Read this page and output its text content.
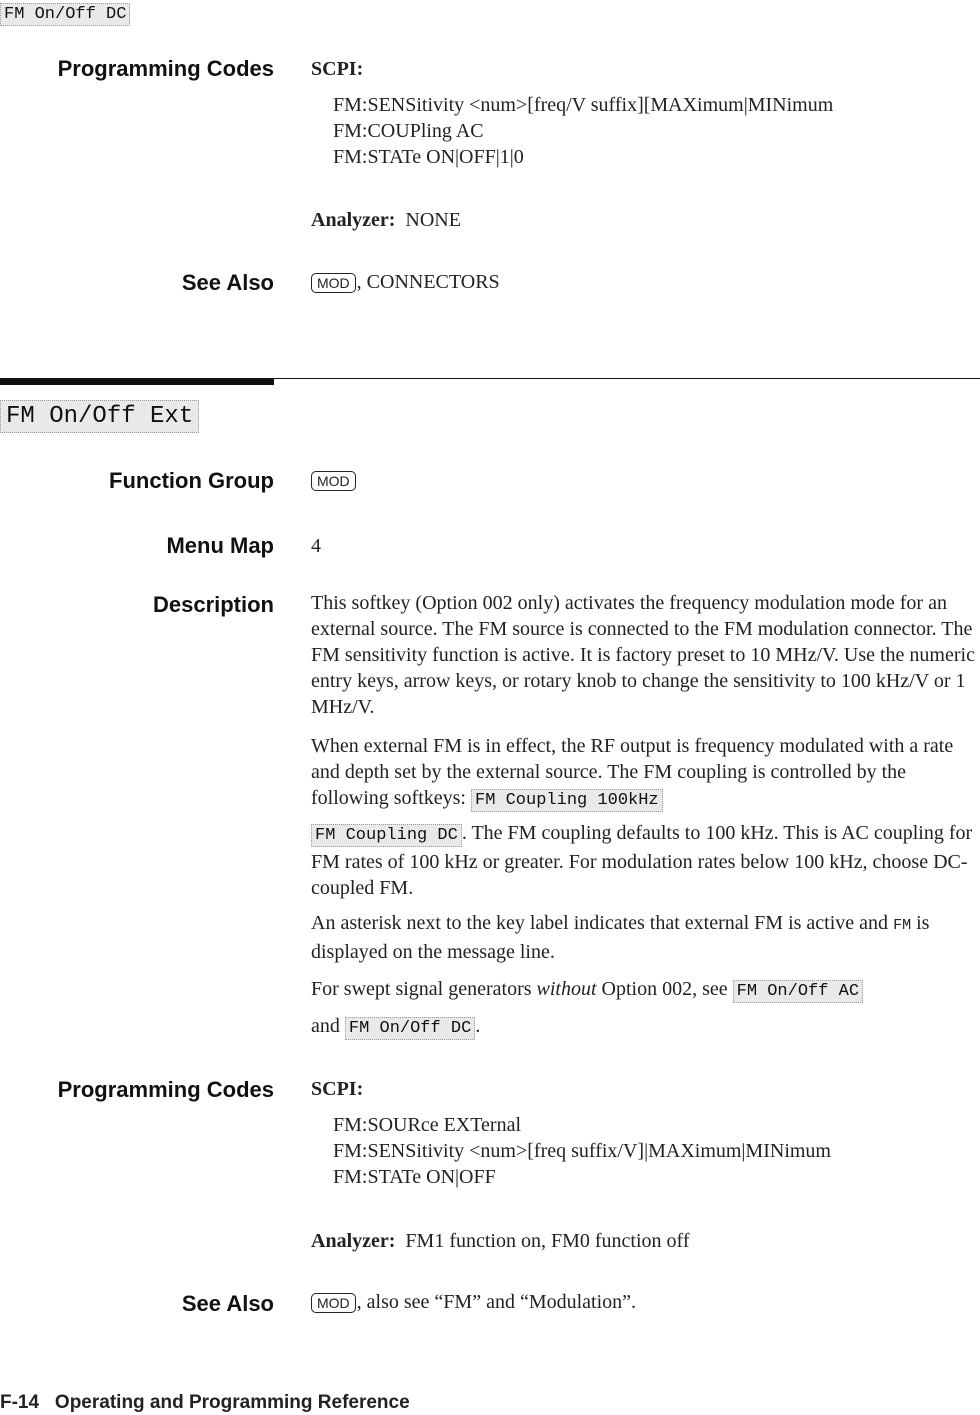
FM On/Off DC
Programming Codes SCPI:
FM:SENSitivity <num>[freq/V suffix][MAXimum|MINimum
FM:COUPling AC
FM:STATe ON|OFF|1|0
Analyzer: NONE
See Also	MOD , CONNECTORS
FM On/Off Ext
Function Group	MOD
Menu Map 4
Description This softkey (Option 002 only) activates the frequency modulation mode for an external source. The FM source is connected to the FM modulation connector. The FM sensitivity function is active. It is factory preset to 10 MHz/V. Use the numeric entry keys, arrow keys, or rotary knob to change the sensitivity to 100 kHz/V or 1 MHz/V.
When external FM is in effect, the RF output is frequency modulated with a rate and depth set by the external source. The FM coupling is controlled by the following softkeys: FM Coupling 100kHz
FM Coupling DC . The FM coupling defaults to 100 kHz. This is AC coupling for FM rates of 100 kHz or greater. For modulation rates below 100 kHz, choose DC-coupled FM.
An asterisk next to the key label indicates that external FM is active and FM is displayed on the message line.
For swept signal generators without Option 002, see FM On/Off AC
and FM On/Off DC .
Programming Codes SCPI:
FM:SOURce EXTernal
FM:SENSitivity <num>[freq suffix/V]|MAXimum|MINimum
FM:STATe ON|OFF
Analyzer: FM1 function on, FM0 function off
See Also	MOD , also see “FM” and “Modulation”.
F-14 Operating and Programming Reference
